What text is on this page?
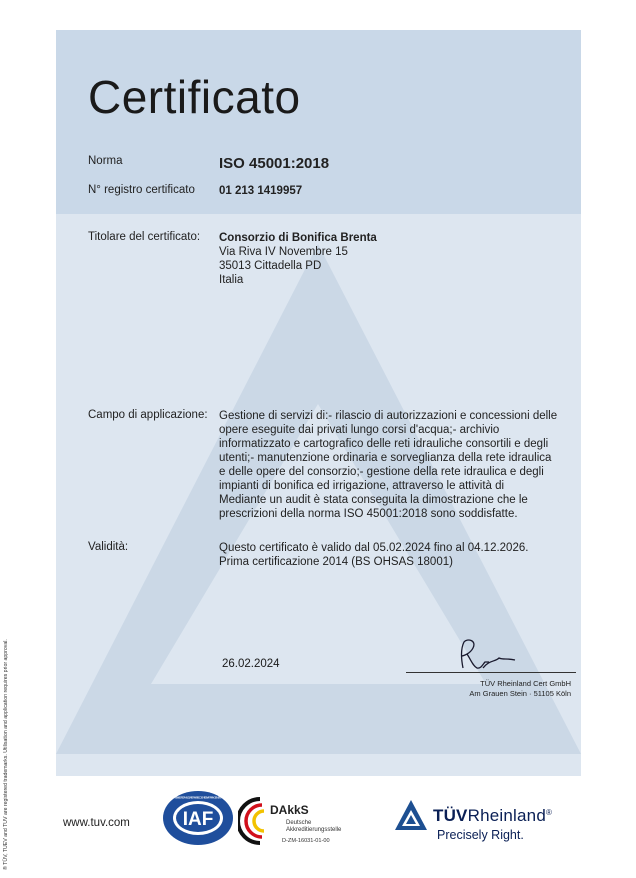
Certificato
Norma	ISO 45001:2018
N° registro certificato 01 213 1419957
Titolare del certificato: Consorzio di Bonifica Brenta
Via Riva IV Novembre 15
35013 Cittadella PD
Italia
Campo di applicazione: Gestione di servizi di:- rilascio di autorizzazioni e concessioni delle
opere eseguite dai privati lungo corsi d'acqua;- archivio
informatizzato e cartografico delle reti idrauliche consortili e degli
utenti;- manutenzione ordinaria e sorveglianza della rete idraulica
e delle opere del consorzio;- gestione della rete idraulica e degli
impianti di bonifica ed irrigazione, attraverso le attività di
Mediante un audit è stata conseguita la dimostrazione che le
prescrizioni della norma ISO 45001:2018 sono soddisfatte.
Validità:	Questo certificato è valido dal 05.02.2024 fino al 04.12.2026.
Prima certificazione 2014 (BS OHSAS 18001)
26.02.2024
TÜV Rheinland Cert GmbH
Am Grauen Stein · 51105 Köln
www.tuv.com
® TÜV, TUEV and TUV are registered trademarks. Utilisation and application requires prior approval.	IAF
MEMBER OF MULTILATERAL RECOGNITION ARRANGEMENT
DAkkS
Deutsche
Akkreditierungsstelle
D-ZM-16031-01-00
TÜVRheinland®
Precisely Right.
